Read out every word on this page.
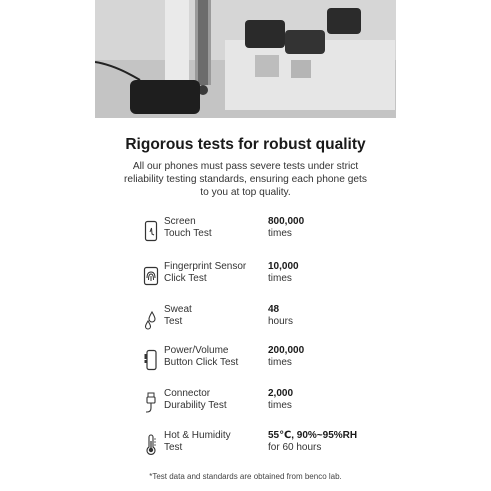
Rigorous tests for robust quality
All our phones must pass severe tests under strict reliability testing standards, ensuring each phone gets to you at top quality.
Screen
Touch Test
800,000
times
Fingerprint Sensor
Click Test
10,000
times
Sweat
Test
48
hours
Power/Volume
Button Click Test
200,000
times
Connector
Durability Test
2,000
times
Hot & Humidity
Test
55℃, 90%~95%RH
for 60 hours
*Test data and standards are obtained from benco lab.
